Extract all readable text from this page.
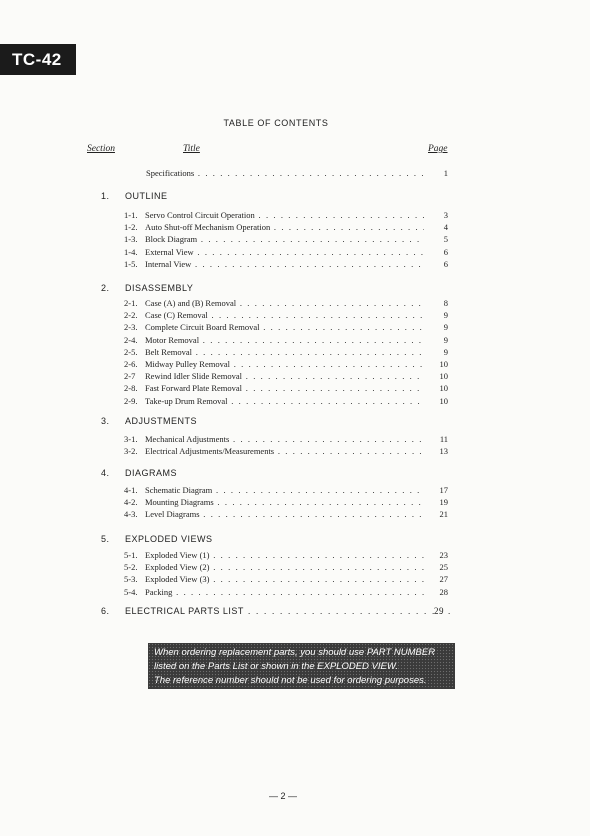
TC-42
TABLE OF CONTENTS
Section	Title	Page
Specifications . . .	1
1. OUTLINE
1-1. Servo Control Circuit Operation . . .	3
1-2. Auto Shut-off Mechanism Operation . . .	4
1-3. Block Diagram . . .	5
1-4. External View . . .	6
1-5. Internal View . . .	6
2. DISASSEMBLY
2-1. Case (A) and (B) Removal . . .	8
2-2. Case (C) Removal . . .	9
2-3. Complete Circuit Board Removal . . .	9
2-4. Motor Removal . . .	9
2-5. Belt Removal . . .	9
2-6. Midway Pulley Removal . . .	10
2-7 Rewind Idler Slide Removal . . .	10
2-8. Fast Forward Plate Removal . . .	10
2-9. Take-up Drum Removal . . .	10
3. ADJUSTMENTS
3-1. Mechanical Adjustments . . .	11
3-2. Electrical Adjustments/Measurements . . .	13
4. DIAGRAMS
4-1. Schematic Diagram . . .	17
4-2. Mounting Diagrams . . .	19
4-3. Level Diagrams . . .	21
5. EXPLODED VIEWS
5-1. Exploded View (1) . . .	23
5-2. Exploded View (2) . . .	25
5-3. Exploded View (3) . . .	27
5-4. Packing . . .	28
6. ELECTRICAL PARTS LIST . . .	29
When ordering replacement parts, you should use PART NUMBER
listed on the Parts List or shown in the EXPLODED VIEW.
The reference number should not be used for ordering purposes.
— 2 —
